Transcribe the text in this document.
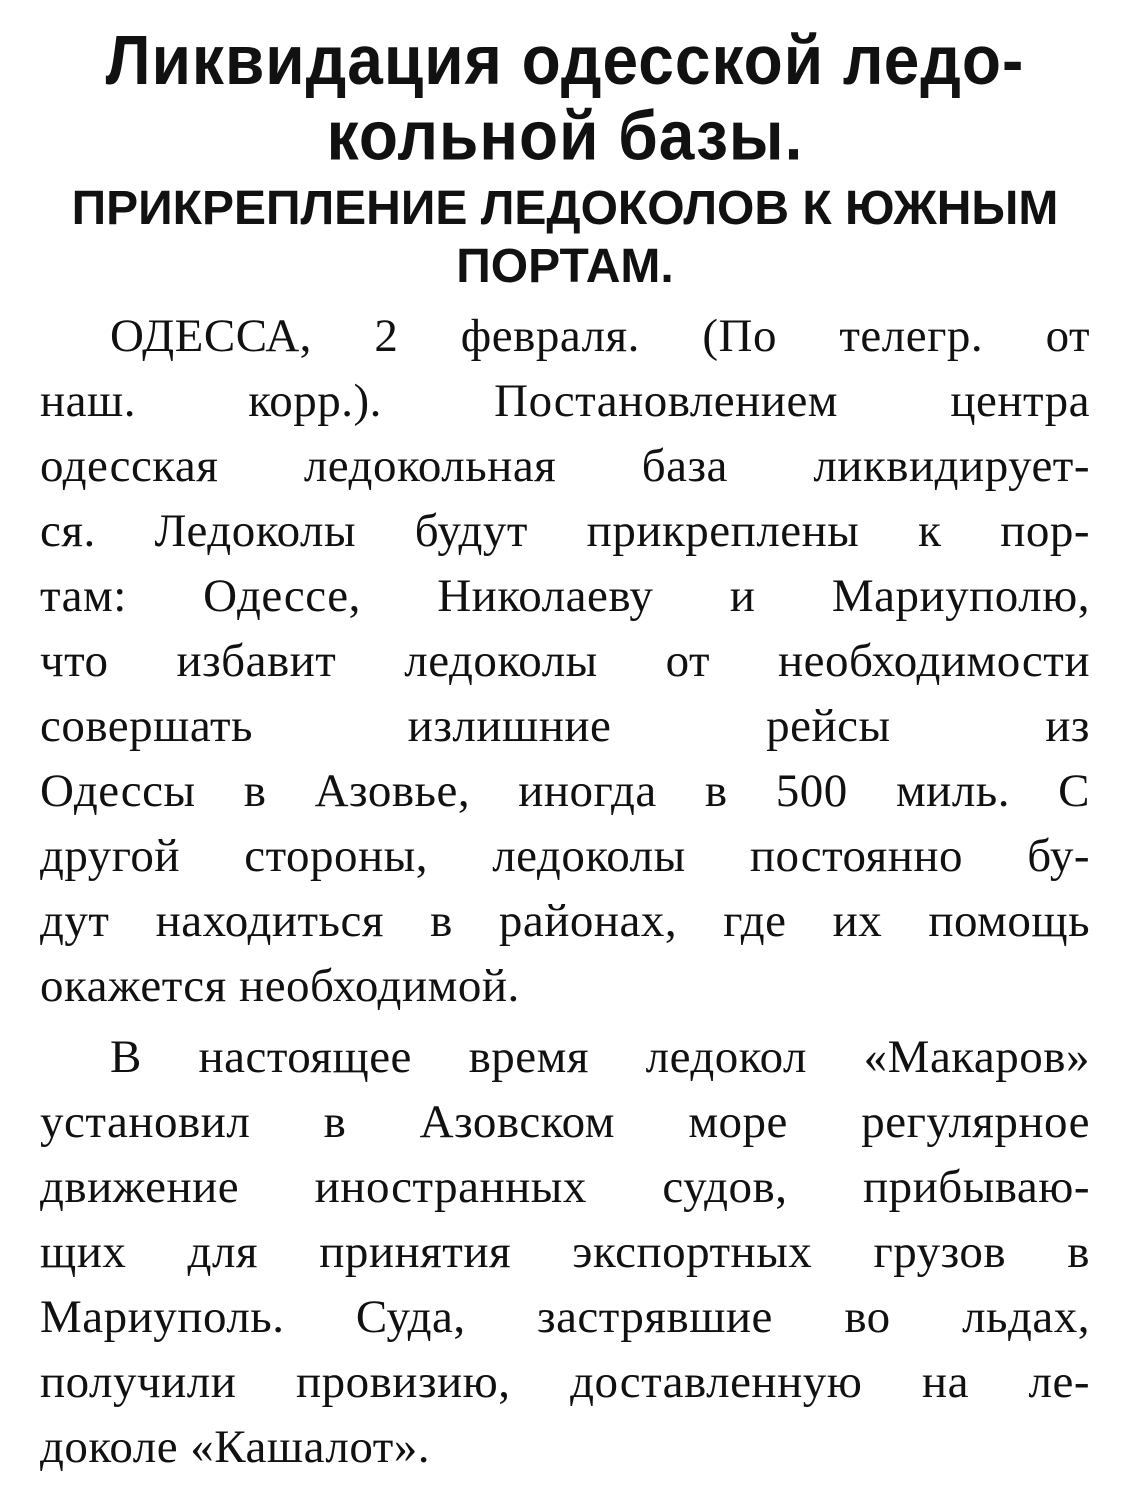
Ликвидация одесской ледо-
кольной базы.
ПРИКРЕПЛЕНИЕ ЛЕДОКОЛОВ К ЮЖНЫМ
ПОРТАМ.
ОДЕССА, 2 февраля. (По телегр. от
наш. корр.). Постановлением центра
одесская ледокольная база ликвидирует-
ся. Ледоколы будут прикреплены к пор-
там: Одессе, Николаеву и Мариуполю,
что избавит ледоколы от необходимости
совершать излишние рейсы из
Одессы в Азовье, иногда в 500 миль. С
другой стороны, ледоколы постоянно бу-
дут находиться в районах, где их помощь
окажется необходимой.
В настоящее время ледокол «Макаров»
установил в Азовском море регулярное
движение иностранных судов, прибываю-
щих для принятия экспортных грузов в
Мариуполь. Суда, застрявшие во льдах,
получили провизию, доставленную на ле-
доколе «Кашалот».
